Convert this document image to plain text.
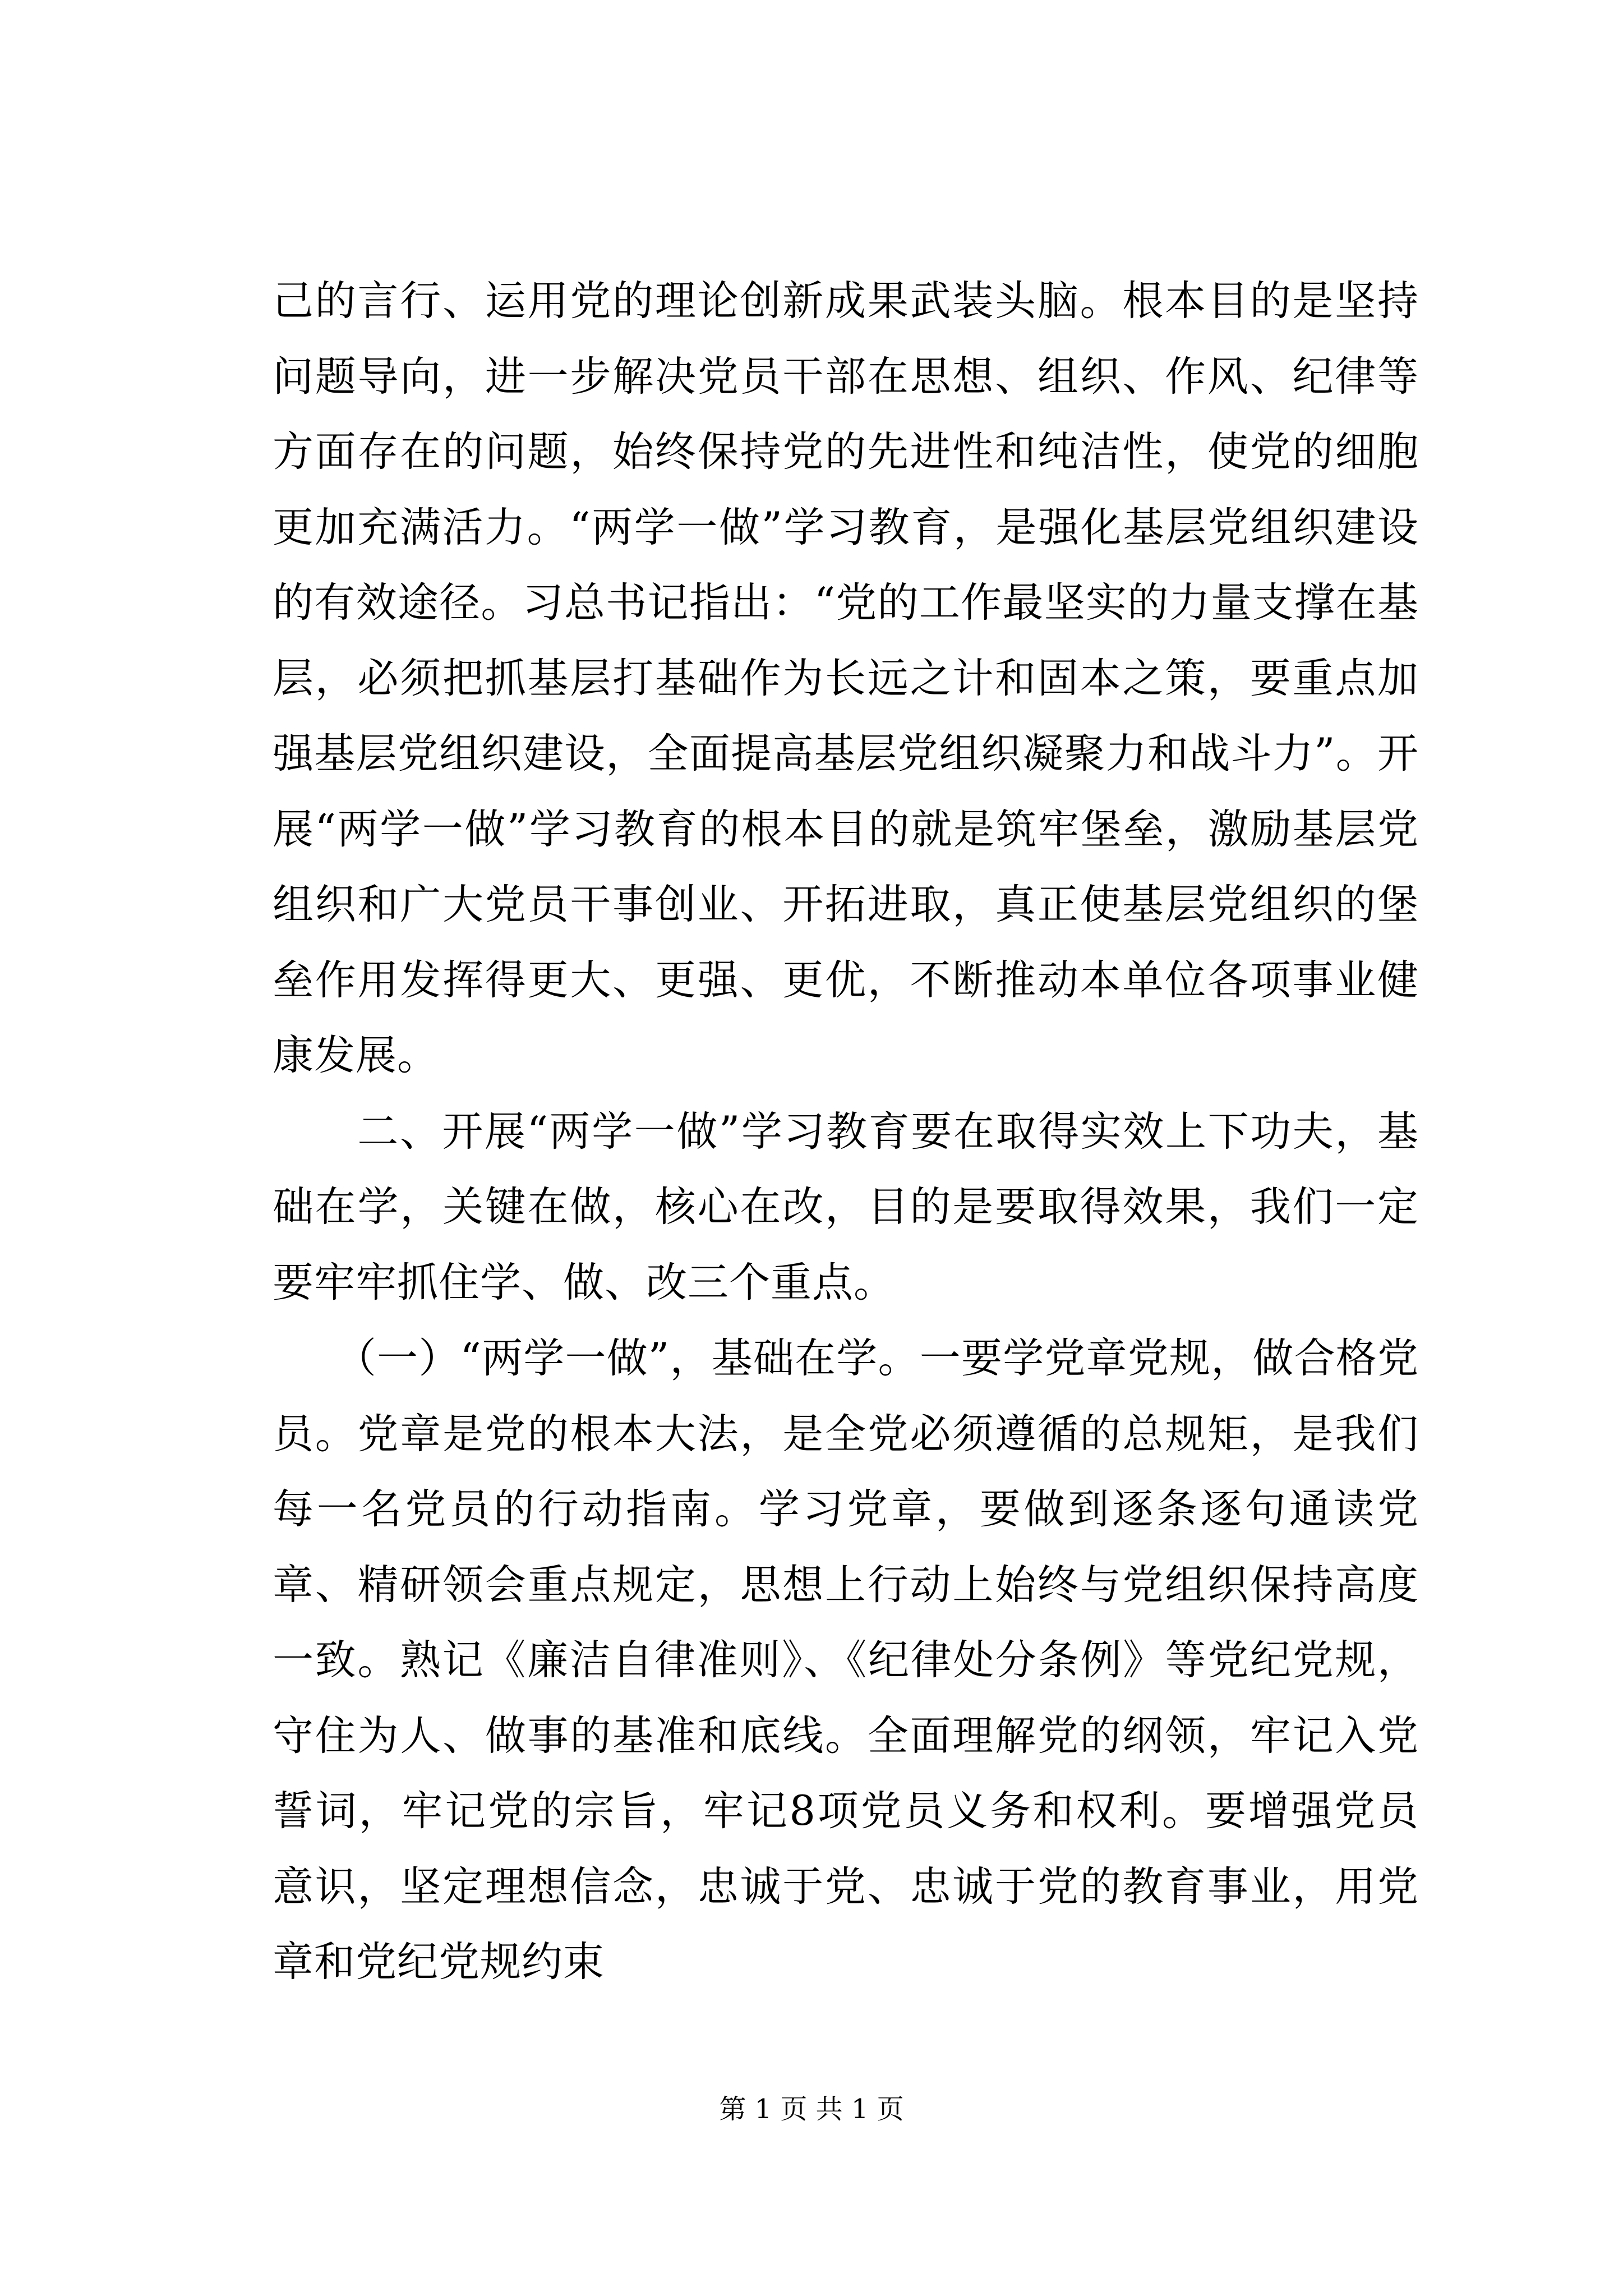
己的言行、运用党的理论创新成果武装头脑。根本目的是坚持问题导向，进一步解决党员干部在思想、组织、作风、纪律等方面存在的问题，始终保持党的先进性和纯洁性，使党的细胞更加充满活力。“两学一做”学习教育，是强化基层党组织建设的有效途径。习总书记指出：“党的工作最坚实的力量支撑在基层，必须把抓基层打基础作为长远之计和固本之策，要重点加强基层党组织建设，全面提高基层党组织凝聚力和战斗力”。开展“两学一做”学习教育的根本目的就是筑牢堡垒，激励基层党组织和广大党员干事创业、开拓进取，真正使基层党组织的堡垒作用发挥得更大、更强、更优，不断推动本单位各项事业健康发展。

　　二、开展“两学一做”学习教育要在取得实效上下功夫，基础在学，关键在做，核心在改，目的是要取得效果，我们一定要牢牢抓住学、做、改三个重点。

　　（一）“两学一做”，基础在学。一要学党章党规，做合格党员。党章是党的根本大法，是全党必须遵循的总规矩，是我们每一名党员的行动指南。学习党章，要做到逐条逐句通读党章、精研领会重点规定，思想上行动上始终与党组织保持高度一致。熟记《廉洁自律准则》、《纪律处分条例》等党纪党规，守住为人、做事的基准和底线。全面理解党的纲领，牢记入党誓词，牢记党的宗旨，牢记8项党员义务和权利。要增强党员意识，坚定理想信念，忠诚于党、忠诚于党的教育事业，用党章和党纪党规约束

第 1 页 共 1 页
